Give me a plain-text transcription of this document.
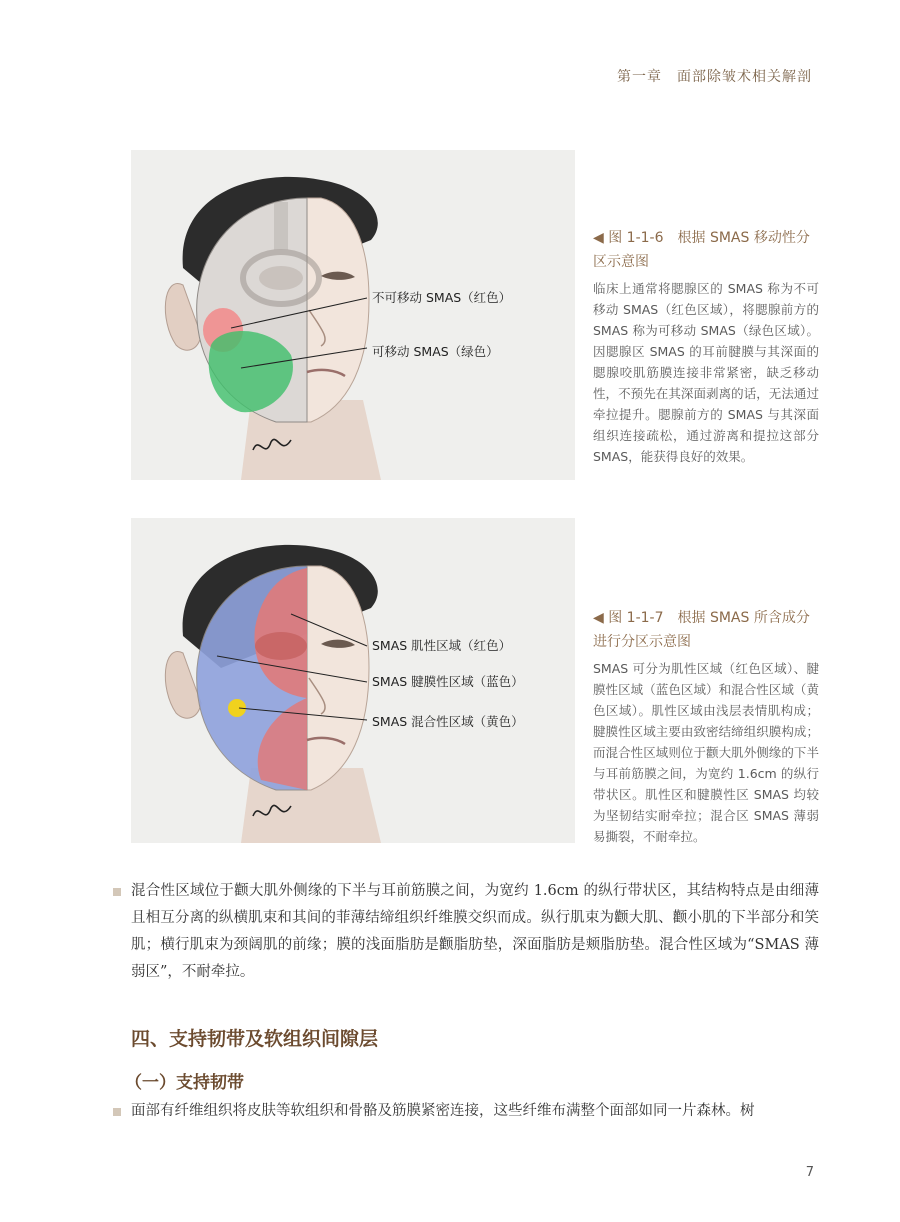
第一章　面部除皱术相关解剖
不可移动 SMAS（红色）
可移动 SMAS（绿色）

◀ 图 1-1-6　根据 SMAS 移动性分区示意图

临床上通常将腮腺区的 SMAS 称为不可移动 SMAS（红色区域），将腮腺前方的 SMAS 称为可移动 SMAS（绿色区域）。因腮腺区 SMAS 的耳前腱膜与其深面的腮腺咬肌筋膜连接非常紧密，缺乏移动性，不预先在其深面剥离的话，无法通过牵拉提升。腮腺前方的 SMAS 与其深面组织连接疏松，通过游离和提拉这部分 SMAS，能获得良好的效果。

SMAS 肌性区域（红色）
SMAS 腱膜性区域（蓝色）
SMAS 混合性区域（黄色）

◀ 图 1-1-7　根据 SMAS 所含成分进行分区示意图

SMAS 可分为肌性区域（红色区域）、腱膜性区域（蓝色区域）和混合性区域（黄色区域）。肌性区域由浅层表情肌构成；腱膜性区域主要由致密结缔组织膜构成；而混合性区域则位于颧大肌外侧缘的下半与耳前筋膜之间，为宽约 1.6cm 的纵行带状区。肌性区和腱膜性区 SMAS 均较为坚韧结实耐牵拉；混合区 SMAS 薄弱易撕裂，不耐牵拉。

混合性区域位于颧大肌外侧缘的下半与耳前筋膜之间，为宽约 1.6cm 的纵行带状区，其结构特点是由细薄且相互分离的纵横肌束和其间的菲薄结缔组织纤维膜交织而成。纵行肌束为颧大肌、颧小肌的下半部分和笑肌；横行肌束为颈阔肌的前缘；膜的浅面脂肪是颧脂肪垫，深面脂肪是颊脂肪垫。混合性区域为“SMAS 薄弱区”，不耐牵拉。

四、支持韧带及软组织间隙层
（一）支持韧带

面部有纤维组织将皮肤等软组织和骨骼及筋膜紧密连接，这些纤维布满整个面部如同一片森林。树

7
